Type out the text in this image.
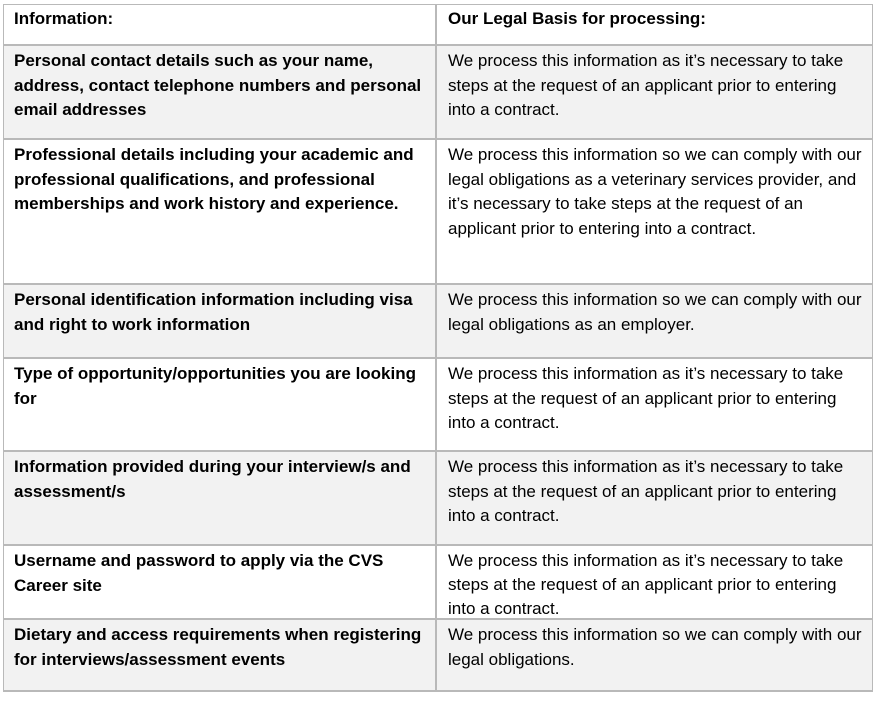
Information:	Our Legal Basis for processing:
Personal contact details such as your name, address, contact telephone numbers and personal email addresses
We process this information as it’s necessary to take steps at the request of an applicant prior to entering into a contract.
Professional details including your academic and professional qualifications, and professional memberships and work history and experience.
We process this information so we can comply with our legal obligations as a veterinary services provider, and it’s necessary to take steps at the request of an applicant prior to entering into a contract.
Personal identification information including visa and right to work information
We process this information so we can comply with our legal obligations as an employer.
Type of opportunity/opportunities you are looking for
We process this information as it’s necessary to take steps at the request of an applicant prior to entering into a contract.
Information provided during your interview/s and assessment/s
We process this information as it’s necessary to take steps at the request of an applicant prior to entering into a contract.
Username and password to apply via the CVS Career site
We process this information as it’s necessary to take steps at the request of an applicant prior to entering into a contract.
Dietary and access requirements when registering for interviews/assessment events
We process this information so we can comply with our legal obligations.
